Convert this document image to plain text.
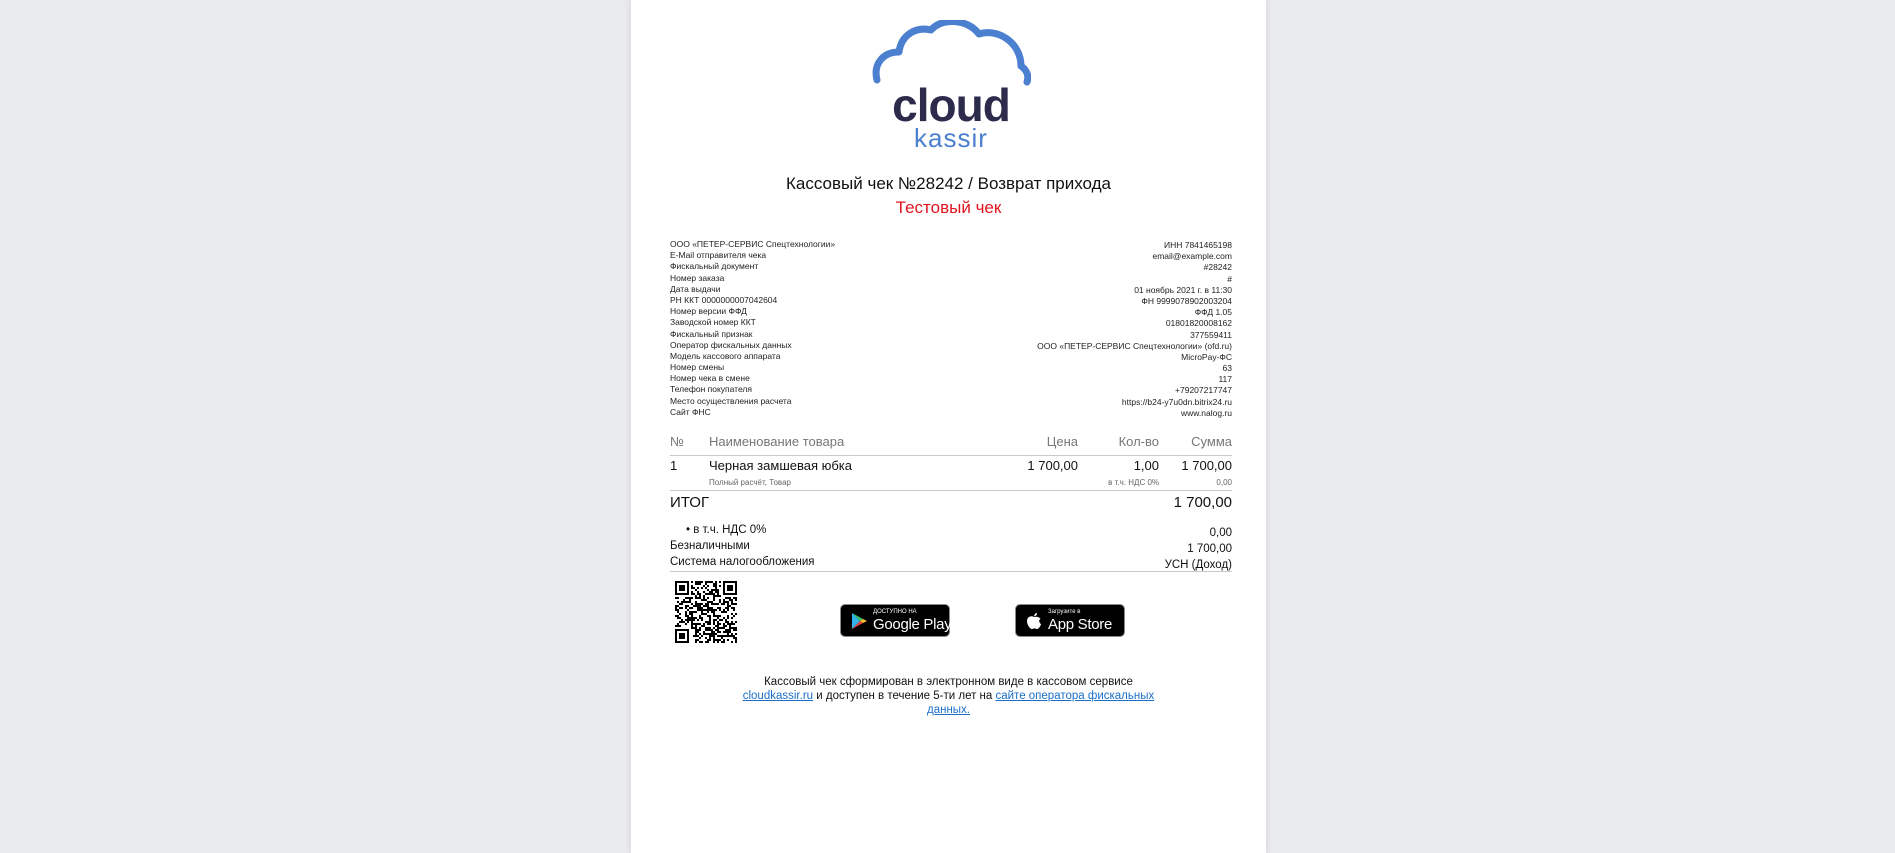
cloud
kassir
Кассовый чек №28242 / Возврат прихода
Тестовый чек
ООО «ПЕТЕР-СЕРВИС Спецтехнологии»	ИНН 7841465198
E-Mail отправителя чека	email@example.com
Фискальный документ	#28242
Номер заказа	#
Дата выдачи	01 ноябрь 2021 г. в 11:30
РН ККТ 0000000007042604	ФН 9999078902003204
Номер версии ФФД	ФФД 1.05
Заводской номер ККТ	01801820008162
Фискальный признак	377559411
Оператор фискальных данных	ООО «ПЕТЕР-СЕРВИС Спецтехнологии» (ofd.ru)
Модель кассового аппарата	MicroPay-ФС
Номер смены	63
Номер чека в смене	117
Телефон покупателя	+79207217747
Место осуществления расчета	https://b24-y7u0dn.bitrix24.ru
Сайт ФНС	www.nalog.ru
№ Наименование товара	Цена	Кол-во Сумма
1 Черная замшевая юбка	1 700,00	1,00 1 700,00
Полный расчёт, Товар	в т.ч. НДС 0%	0,00
ИТОГ	1 700,00
• в т.ч. НДС 0%	0,00
Безналичными	1 700,00
Система налогообложения	УСН (Доход)
ДОСТУПНО НА
Google Play
Загрузите в
App Store
Кассовый чек сформирован в электронном виде в кассовом сервисе
cloudkassir.ru и доступен в течение 5-ти лет на сайте оператора фискальных данных.
